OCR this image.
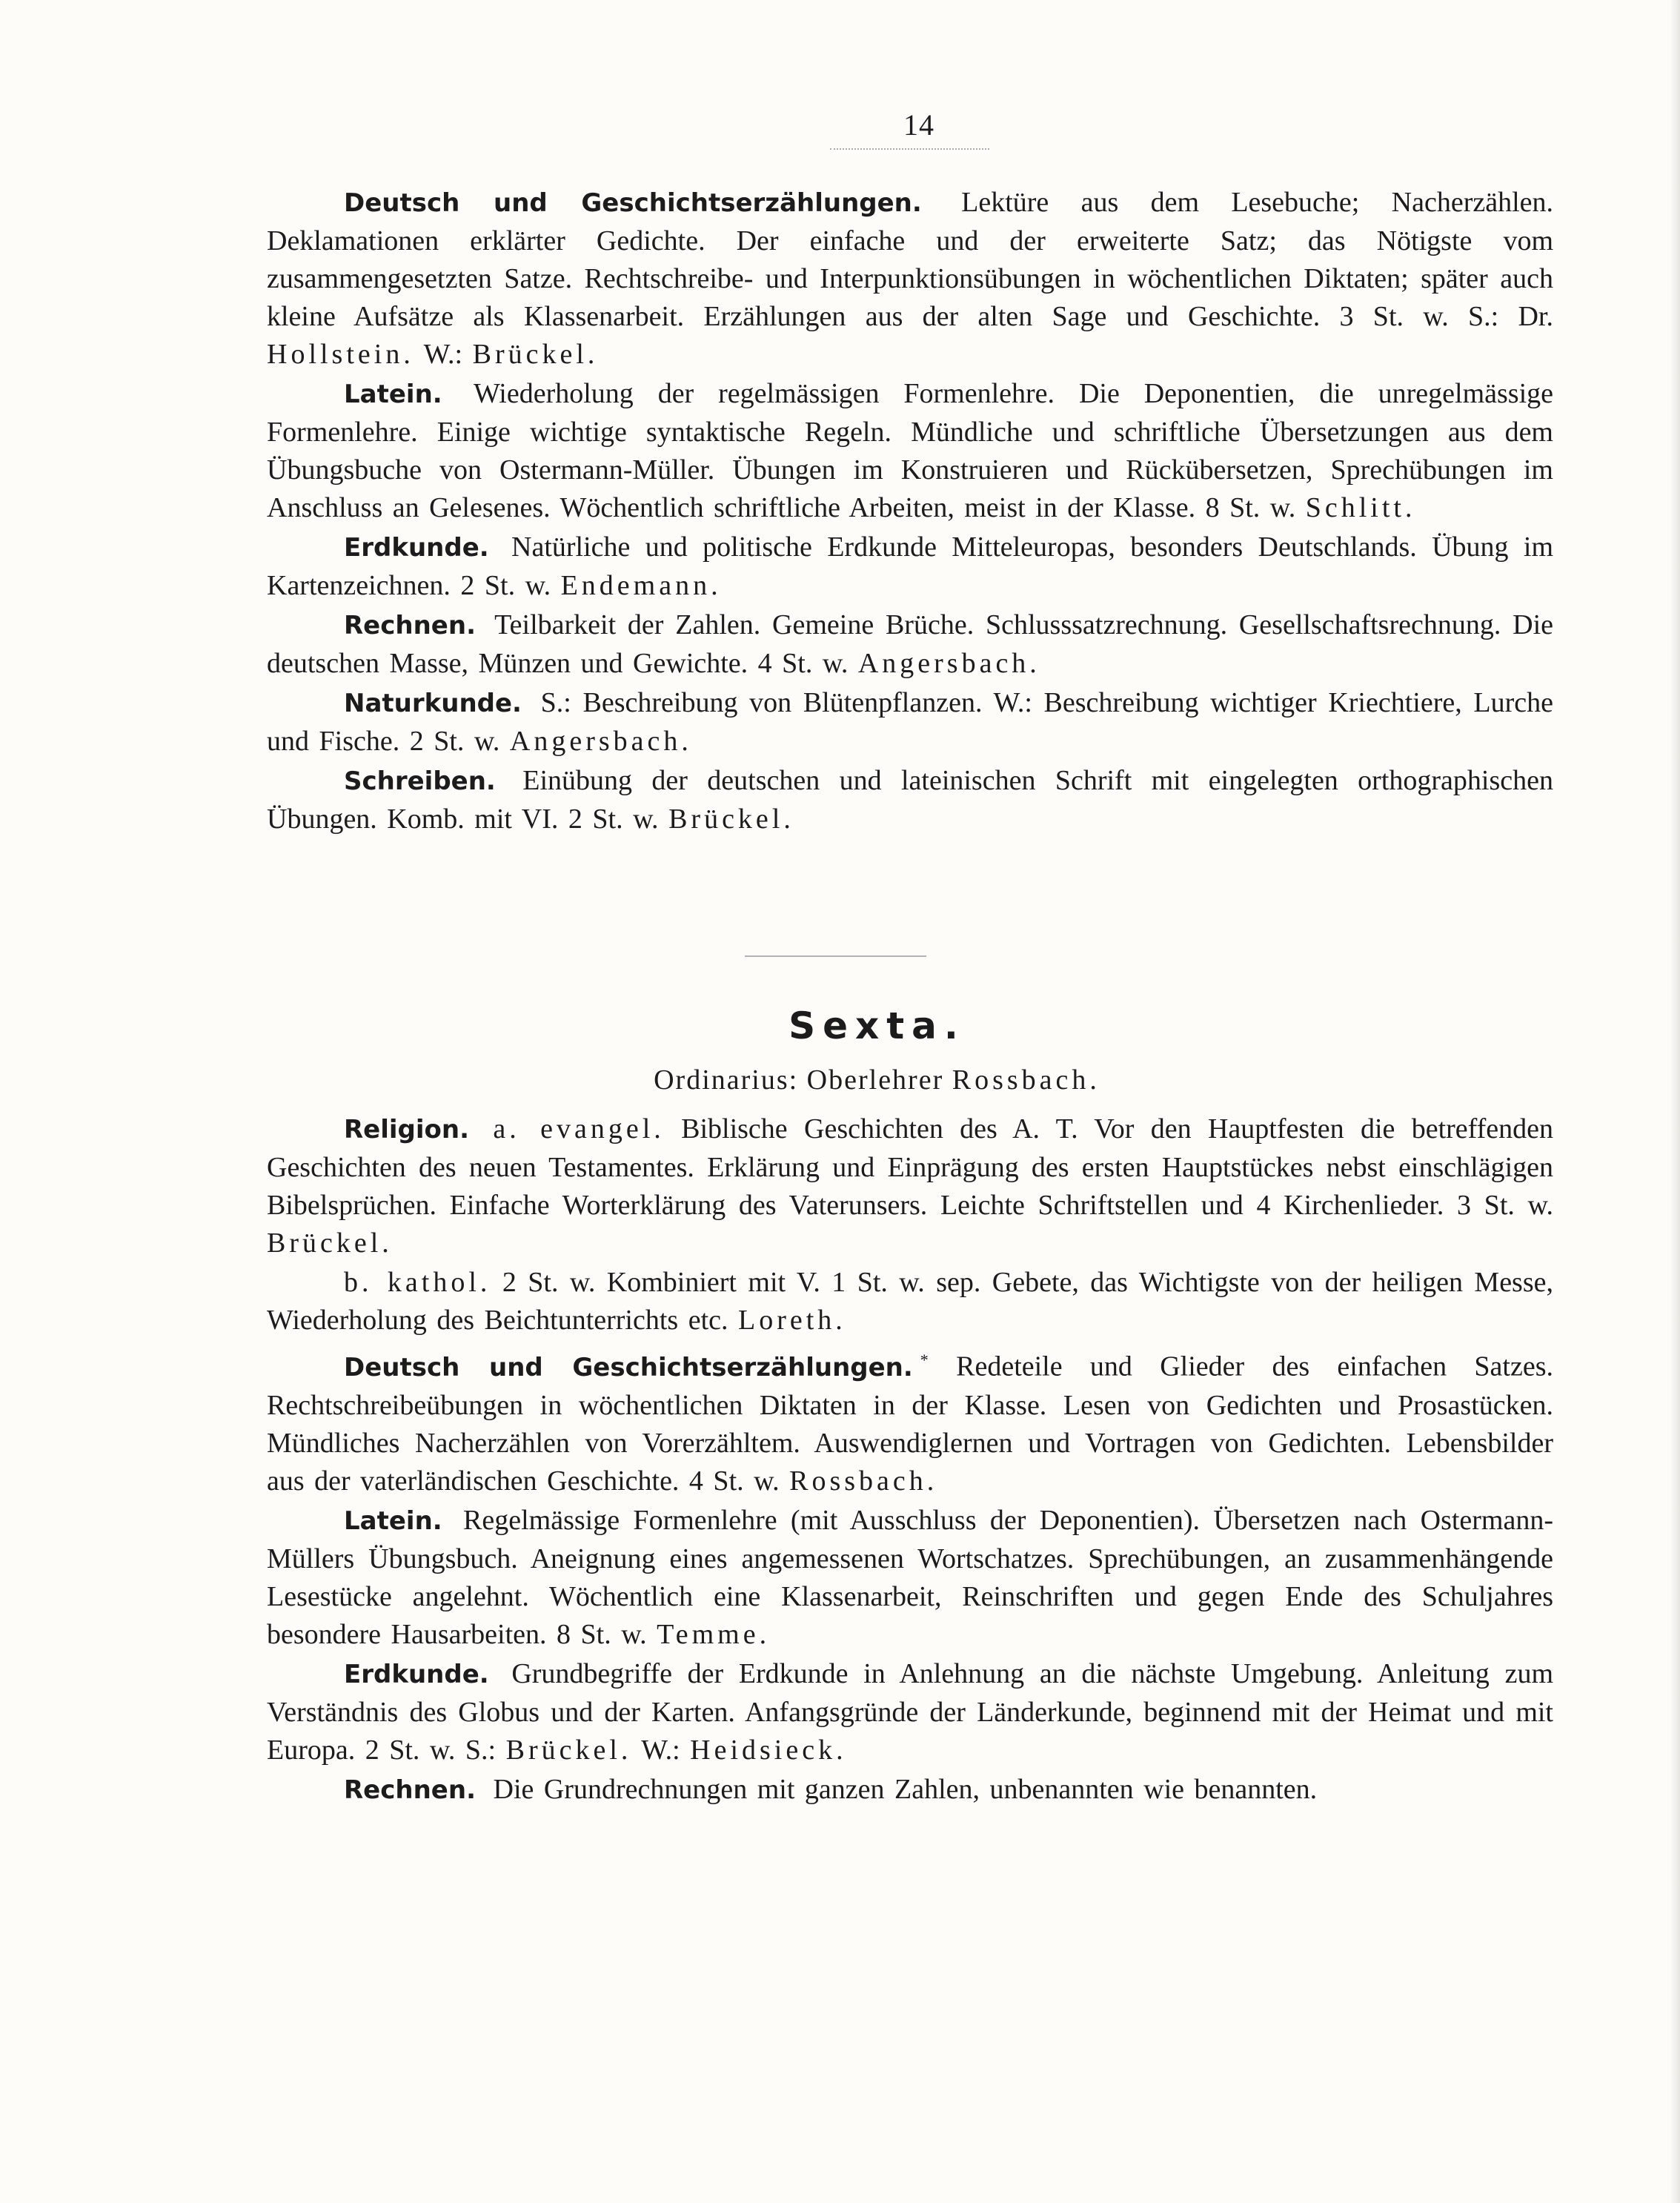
14

Deutsch und Geschichtserzählungen. Lektüre aus dem Lesebuche; Nacherzählen. Deklamationen erklärter Gedichte. Der einfache und der erweiterte Satz; das Nötigste vom zusammengesetzten Satze. Rechtschreibe- und Interpunktionsübungen in wöchentlichen Diktaten; später auch kleine Aufsätze als Klassenarbeit. Erzählungen aus der alten Sage und Geschichte. 3 St. w. S.: Dr. Hollstein. W.: Brückel.

Latein. Wiederholung der regelmässigen Formenlehre. Die Deponentien, die unregelmässige Formenlehre. Einige wichtige syntaktische Regeln. Mündliche und schriftliche Übersetzungen aus dem Übungsbuche von Ostermann-Müller. Übungen im Konstruieren und Rückübersetzen, Sprechübungen im Anschluss an Gelesenes. Wöchentlich schriftliche Arbeiten, meist in der Klasse. 8 St. w. Schlitt.

Erdkunde. Natürliche und politische Erdkunde Mitteleuropas, besonders Deutschlands. Übung im Kartenzeichnen. 2 St. w. Endemann.

Rechnen. Teilbarkeit der Zahlen. Gemeine Brüche. Schlusssatzrechnung. Gesellschaftsrechnung. Die deutschen Masse, Münzen und Gewichte. 4 St. w. Angersbach.

Naturkunde. S.: Beschreibung von Blütenpflanzen. W.: Beschreibung wichtiger Kriechtiere, Lurche und Fische. 2 St. w. Angersbach.

Schreiben. Einübung der deutschen und lateinischen Schrift mit eingelegten orthographischen Übungen. Komb. mit VI. 2 St. w. Brückel.

Sexta.
Ordinarius: Oberlehrer Rossbach.

Religion. a. evangel. Biblische Geschichten des A. T. Vor den Hauptfesten die betreffenden Geschichten des neuen Testamentes. Erklärung und Einprägung des ersten Hauptstückes nebst einschlägigen Bibelsprüchen. Einfache Worterklärung des Vaterunsers. Leichte Schriftstellen und 4 Kirchenlieder. 3 St. w. Brückel.

b. kathol. 2 St. w. Kombiniert mit V. 1 St. w. sep. Gebete, das Wichtigste von der heiligen Messe, Wiederholung des Beichtunterrichts etc. Loreth.

Deutsch und Geschichtserzählungen. * Redeteile und Glieder des einfachen Satzes. Rechtschreibeübungen in wöchentlichen Diktaten in der Klasse. Lesen von Gedichten und Prosastücken. Mündliches Nacherzählen von Vorerzähltem. Auswendiglernen und Vortragen von Gedichten. Lebensbilder aus der vaterländischen Geschichte. 4 St. w. Rossbach.

Latein. Regelmässige Formenlehre (mit Ausschluss der Deponentien). Übersetzen nach Ostermann-Müllers Übungsbuch. Aneignung eines angemessenen Wortschatzes. Sprechübungen, an zusammenhängende Lesestücke angelehnt. Wöchentlich eine Klassenarbeit, Reinschriften und gegen Ende des Schuljahres besondere Hausarbeiten. 8 St. w. Temme.

Erdkunde. Grundbegriffe der Erdkunde in Anlehnung an die nächste Umgebung. Anleitung zum Verständnis des Globus und der Karten. Anfangsgründe der Länderkunde, beginnend mit der Heimat und mit Europa. 2 St. w. S.: Brückel. W.: Heidsieck.

Rechnen. Die Grundrechnungen mit ganzen Zahlen, unbenannten wie benannten.
